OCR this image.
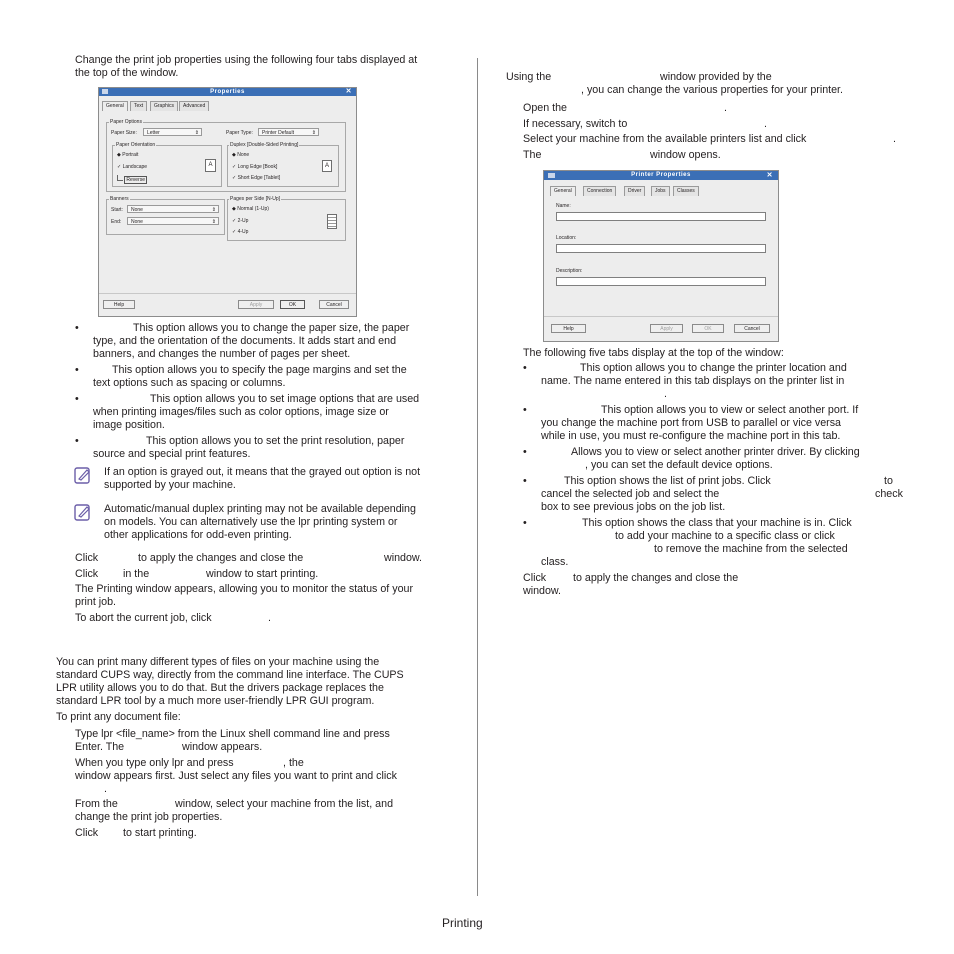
Change the print job properties using the following four tabs displayed at
the top of the window.
Properties	✕
General	Text	Graphics	Advanced
Paper Options
Paper Size:	Letter	⇕	Paper Type:	Printer Default	⇕
Paper Orientation
◆ Portrait
✓ Landscape
Reverse
A
Duplex [Double-Sided Printing]
◆ None
✓ Long Edge [Book]
✓ Short Edge [Tablet]
A
Banners
Start:	None	⇕
End:	None	⇕
Pages per Side [N-Up]
◆ Normal (1-Up)
✓ 2-Up
✓ 4-Up
Help	Apply	OK	Cancel
•	This option allows you to change the paper size, the paper
type, and the orientation of the documents. It adds start and end
banners, and changes the number of pages per sheet.
•	This option allows you to specify the page margins and set the
text options such as spacing or columns.
•	This option allows you to set image options that are used
when printing images/files such as color options, image size or
image position.
•	This option allows you to set the print resolution, paper
source and special print features.
If an option is grayed out, it means that the grayed out option is not
supported by your machine.
Automatic/manual duplex printing may not be available depending
on models. You can alternatively use the lpr printing system or
other applications for odd-even printing.
Click	to apply the changes and close the	window.
Click in the	window to start printing.
The Printing window appears, allowing you to monitor the status of your
print job.
To abort the current job, click	.
You can print many different types of files on your machine using the
standard CUPS way, directly from the command line interface. The CUPS
LPR utility allows you to do that. But the drivers package replaces the
standard LPR tool by a much more user-friendly LPR GUI program.
To print any document file:
Type lpr <file_name> from the Linux shell command line and press
Enter. The	window appears.
When you type only lpr and press	, the
window appears first. Just select any files you want to print and click
.
From the	window, select your machine from the list, and
change the print job properties.
Click to start printing.
Using the	window provided by the
, you can change the various properties for your printer.
Open the	.
If necessary, switch to	.
Select your machine from the available printers list and click	.
The	window opens.
Printer Properties	✕
General	Connection	Driver	Jobs	Classes
Name:
Location:
Description:
Help	Apply	OK	Cancel
The following five tabs display at the top of the window:
•	This option allows you to change the printer location and
name. The name entered in this tab displays on the printer list in
.
•	This option allows you to view or select another port. If
you change the machine port from USB to parallel or vice versa
while in use, you must re-configure the machine port in this tab.
•	Allows you to view or select another printer driver. By clicking
, you can set the default device options.
•	This option shows the list of print jobs. Click	to
cancel the selected job and select the	check
box to see previous jobs on the job list.
•	This option shows the class that your machine is in. Click
to add your machine to a specific class or click
to remove the machine from the selected
class.
Click	to apply the changes and close the
window.
Printing
